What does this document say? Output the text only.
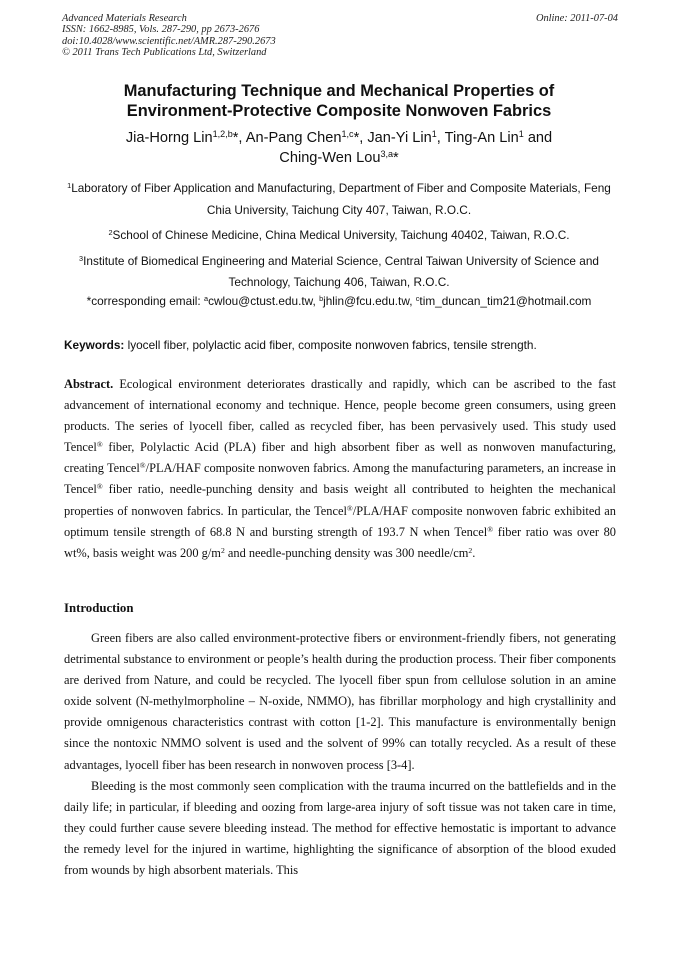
Advanced Materials Research
ISSN: 1662-8985, Vols. 287-290, pp 2673-2676
doi:10.4028/www.scientific.net/AMR.287-290.2673
© 2011 Trans Tech Publications Ltd, Switzerland
Online: 2011-07-04
Manufacturing Technique and Mechanical Properties of
Environment-Protective Composite Nonwoven Fabrics
Jia-Horng Lin$^{1,2,b}$*, An-Pang Chen$^{1,c}$*, Jan-Yi Lin$^1$, Ting-An Lin$^1$ and
Ching-Wen Lou$^{3,a}$*

$^1$Laboratory of Fiber Application and Manufacturing, Department of Fiber and Composite Materials, Feng Chia University, Taichung City 407, Taiwan, R.O.C.

$^2$School of Chinese Medicine, China Medical University, Taichung 40402, Taiwan, R.O.C.

$^3$Institute of Biomedical Engineering and Material Science, Central Taiwan University of Science and Technology, Taichung 406, Taiwan, R.O.C.

*corresponding email: $^a$cwlou@ctust.edu.tw, $^b$jhlin@fcu.edu.tw, $^c$tim_duncan_tim21@hotmail.com
Keywords: lyocell fiber, polylactic acid fiber, composite nonwoven fabrics, tensile strength.
Abstract. Ecological environment deteriorates drastically and rapidly, which can be ascribed to the fast advancement of international economy and technique. Hence, people become green consumers, using green products. The series of lyocell fiber, called as recycled fiber, has been pervasively used. This study used Tencel® fiber, Polylactic Acid (PLA) fiber and high absorbent fiber as well as nonwoven manufacturing, creating Tencel®/PLA/HAF composite nonwoven fabrics. Among the manufacturing parameters, an increase in Tencel® fiber ratio, needle-punching density and basis weight all contributed to heighten the mechanical properties of nonwoven fabrics. In particular, the Tencel®/PLA/HAF composite nonwoven fabric exhibited an optimum tensile strength of 68.8 N and bursting strength of 193.7 N when Tencel® fiber ratio was over 80 wt%, basis weight was 200 $g/m^2$ and needle-punching density was 300 needle/$cm^2$.
Introduction

Green fibers are also called environment-protective fibers or environment-friendly fibers, not generating detrimental substance to environment or people’s health during the production process. Their fiber components are derived from Nature, and could be recycled. The lyocell fiber spun from cellulose solution in an amine oxide solvent (N-methylmorpholine – N-oxide, NMMO), has fibrillar morphology and high crystallinity and provide omnigenous characteristics contrast with cotton [1-2]. This manufacture is environmentally benign since the nontoxic NMMO solvent is used and the solvent of 99% can totally recycled. As a result of these advantages, lyocell fiber has been research in nonwoven process [3-4].

Bleeding is the most commonly seen complication with the trauma incurred on the battlefields and in the daily life; in particular, if bleeding and oozing from large-area injury of soft tissue was not taken care in time, they could further cause severe bleeding instead. The method for effective hemostatic is important to advance the remedy level for the injured in wartime, highlighting the significance of absorption of the blood exuded from wounds by high absorbent materials. This
